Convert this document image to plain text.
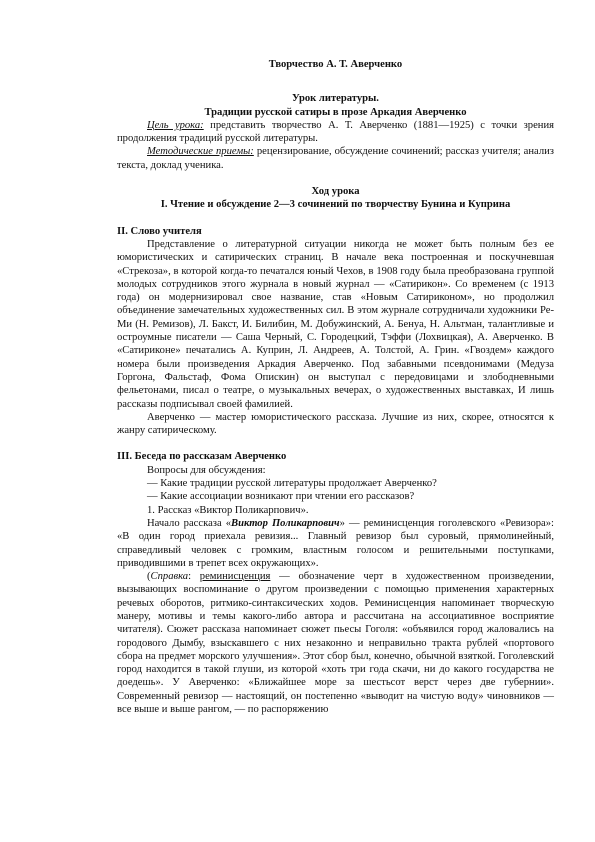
Творчество А. Т. Аверченко

Урок литературы.

Традиции русской сатиры в прозе Аркадия Аверченко

Цель урока: представить творчество А. Т. Аверченко (1881—1925) с точки зрения продолжения традиций русской литературы.

Методические приемы: рецензирование, обсуждение сочинений; рассказ учителя; анализ текста, доклад ученика.

Ход урока

I. Чтение и обсуждение 2—3 сочинений по творчеству Бунина и Куприна

II. Слово учителя

Представление о литературной ситуации никогда не может быть полным без ее юмористических и сатирических страниц. В начале века построенная и поскучневшая «Стрекоза», в которой когда-то печатался юный Чехов, в 1908 году была преобразована группой молодых сотрудников этого журнала в новый журнал — «Сатирикон». Со временем (с 1913 года) он модернизировал свое название, став «Новым Сатириконом», но продолжил объединение замечательных художественных сил. В этом журнале сотрудничали художники Ре-Ми (Н. Ремизов), Л. Бакст, И. Билибин, М. Добужинский, А. Бенуа, Н. Альтман, талантливые и остроумные писатели — Саша Черный, С. Городецкий, Тэффи (Лохвицкая), А. Аверченко. В «Сатириконе» печатались А. Куприн, Л. Андреев, А. Толстой, А. Грин. «Гвоздем» каждого номера были произведения Аркадия Аверченко. Под забавными псевдонимами (Медуза Горгона, Фальстаф, Фома Опискин) он выступал с передовицами и злободневными фельетонами, писал о театре, о музыкальных вечерах, о художественных выставках, И лишь рассказы подписывал своей фамилией.

Аверченко — мастер юмористического рассказа. Лучшие из них, скорее, относятся к жанру сатирическому.

III. Беседа по рассказам Аверченко

Вопросы для обсуждения:

— Какие традиции русской литературы продолжает Аверченко?

— Какие ассоциации возникают при чтении его рассказов?

1. Рассказ «Виктор Поликарпович».

Начало рассказа «Виктор Поликарпович» — реминисценция гоголевского «Ревизора»: «В один город приехала ревизия... Главный ревизор был суровый, прямолинейный, справедливый человек с громким, властным голосом и решительными поступками, приводившими в трепет всех окружающих».

(Справка: реминисценция — обозначение черт в художественном произведении, вызывающих воспоминание о другом произведении с помощью применения характерных речевых оборотов, ритмико-синтаксических ходов. Реминисценция напоминает творческую манеру, мотивы и темы какого-либо автора и рассчитана на ассоциативное восприятие читателя). Сюжет рассказа напоминает сюжет пьесы Гоголя: «объявился город жаловались на городового Дымбу, взыскавшего с них незаконно и неправильно тракта рублей «портового сбора на предмет морского улучшения». Этот сбор был, конечно, обычной взяткой. Гоголевский город находится в такой глуши, из которой «хоть три года скачи, ни до какого государства не доедешь». У Аверченко: «Ближайшее море за шестьсот верст через две губернии». Современный ревизор — настоящий, он постепенно «выводит на чистую воду» чиновников — все выше и выше рангом, — по распоряжению
